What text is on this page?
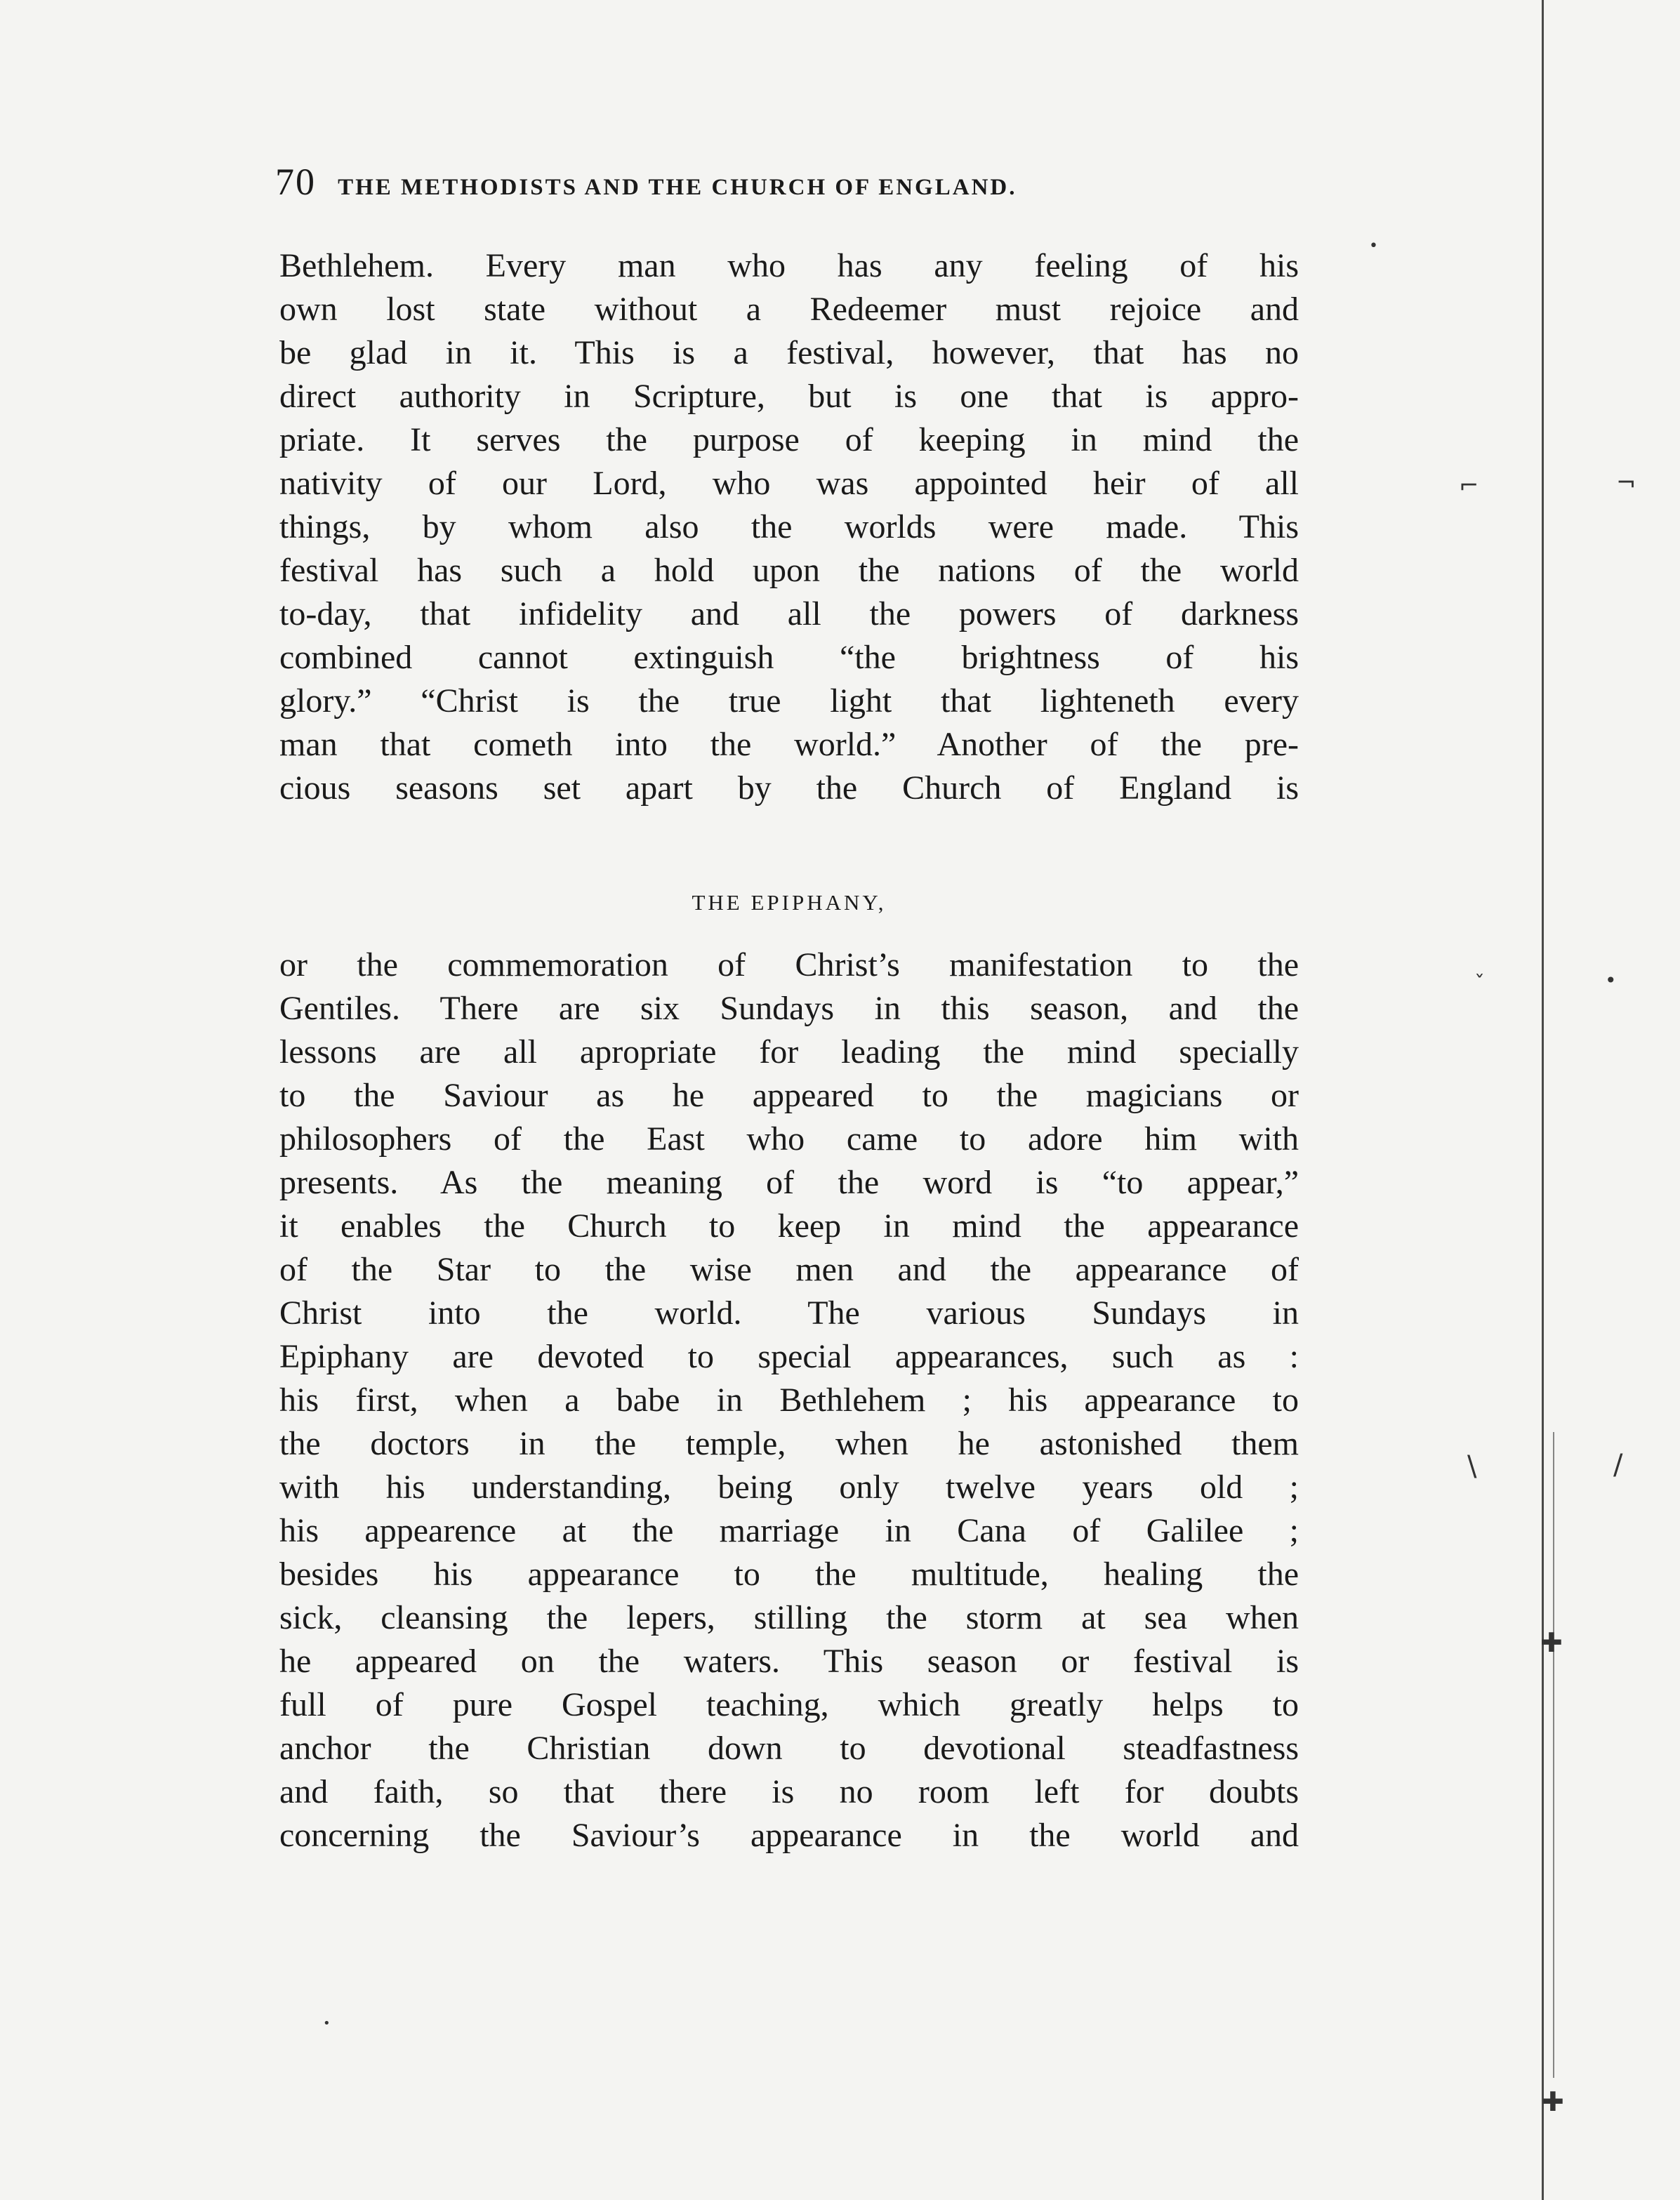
•
⌐	¬
ˇ	•
\	/
✚
✚
•
70 THE METHODISTS AND THE CHURCH OF ENGLAND.
Bethlehem. Every man who has any feeling of his
own lost state without a Redeemer must rejoice and
be glad in it. This is a festival, however, that has no
direct authority in Scripture, but is one that is appro-
priate. It serves the purpose of keeping in mind the
nativity of our Lord, who was appointed heir of all
things, by whom also the worlds were made. This
festival has such a hold upon the nations of the world
to-day, that infidelity and all the powers of darkness
combined cannot extinguish “the brightness of his
glory.” “Christ is the true light that lighteneth every
man that cometh into the world.” Another of the pre-
cious seasons set apart by the Church of England is
THE EPIPHANY,
or the commemoration of Christ’s manifestation to the
Gentiles. There are six Sundays in this season, and the
lessons are all apropriate for leading the mind specially
to the Saviour as he appeared to the magicians or
philosophers of the East who came to adore him with
presents. As the meaning of the word is “to appear,”
it enables the Church to keep in mind the appearance
of the Star to the wise men and the appearance of
Christ into the world. The various Sundays in
Epiphany are devoted to special appearances, such as :
his first, when a babe in Bethlehem ; his appearance to
the doctors in the temple, when he astonished them
with his understanding, being only twelve years old ;
his appearence at the marriage in Cana of Galilee ;
besides his appearance to the multitude, healing the
sick, cleansing the lepers, stilling the storm at sea when
he appeared on the waters. This season or festival is
full of pure Gospel teaching, which greatly helps to
anchor the Christian down to devotional steadfastness
and faith, so that there is no room left for doubts
concerning the Saviour’s appearance in the world and
